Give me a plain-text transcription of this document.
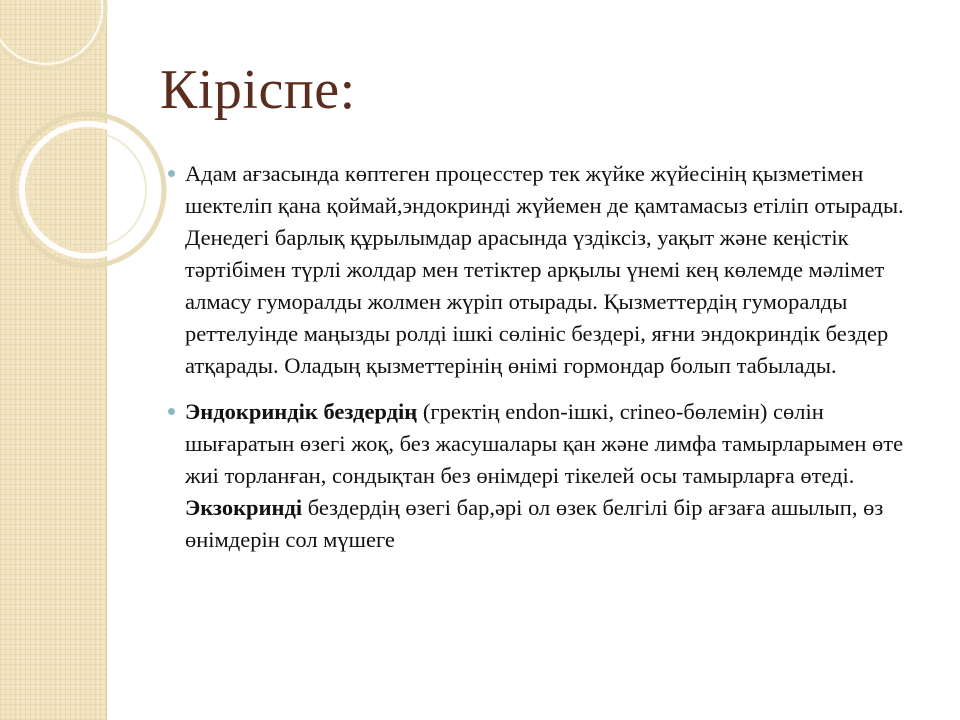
Кіріспе:
Адам ағзасында көптеген процесстер тек жүйке жүйесінің қызметімен шектеліп қана қоймай,эндокринді жүйемен де қамтамасыз етіліп отырады. Денедегі барлық құрылымдар арасында үздіксіз, уақыт және кеңістік тәртібімен түрлі жолдар мен тетіктер арқылы үнемі кең көлемде мәлімет алмасу гуморалды жолмен жүріп отырады. Қызметтердің гуморалды реттелуінде маңызды ролді ішкі сөлініс бездері, яғни эндокриндік бездер атқарады. Оладың қызметтерінің өнімі гормондар болып табылады.
Эндокриндік бездердің (гректің endon-ішкі, crineo-бөлемін) сөлін шығаратын өзегі жоқ, без жасушалары қан және лимфа тамырларымен өте жиі торланған, сондықтан без өнімдері тікелей осы тамырларға өтеді. Экзокринді бездердің өзегі бар,әрі ол өзек белгілі бір ағзаға ашылып, өз өнімдерін сол мүшеге
